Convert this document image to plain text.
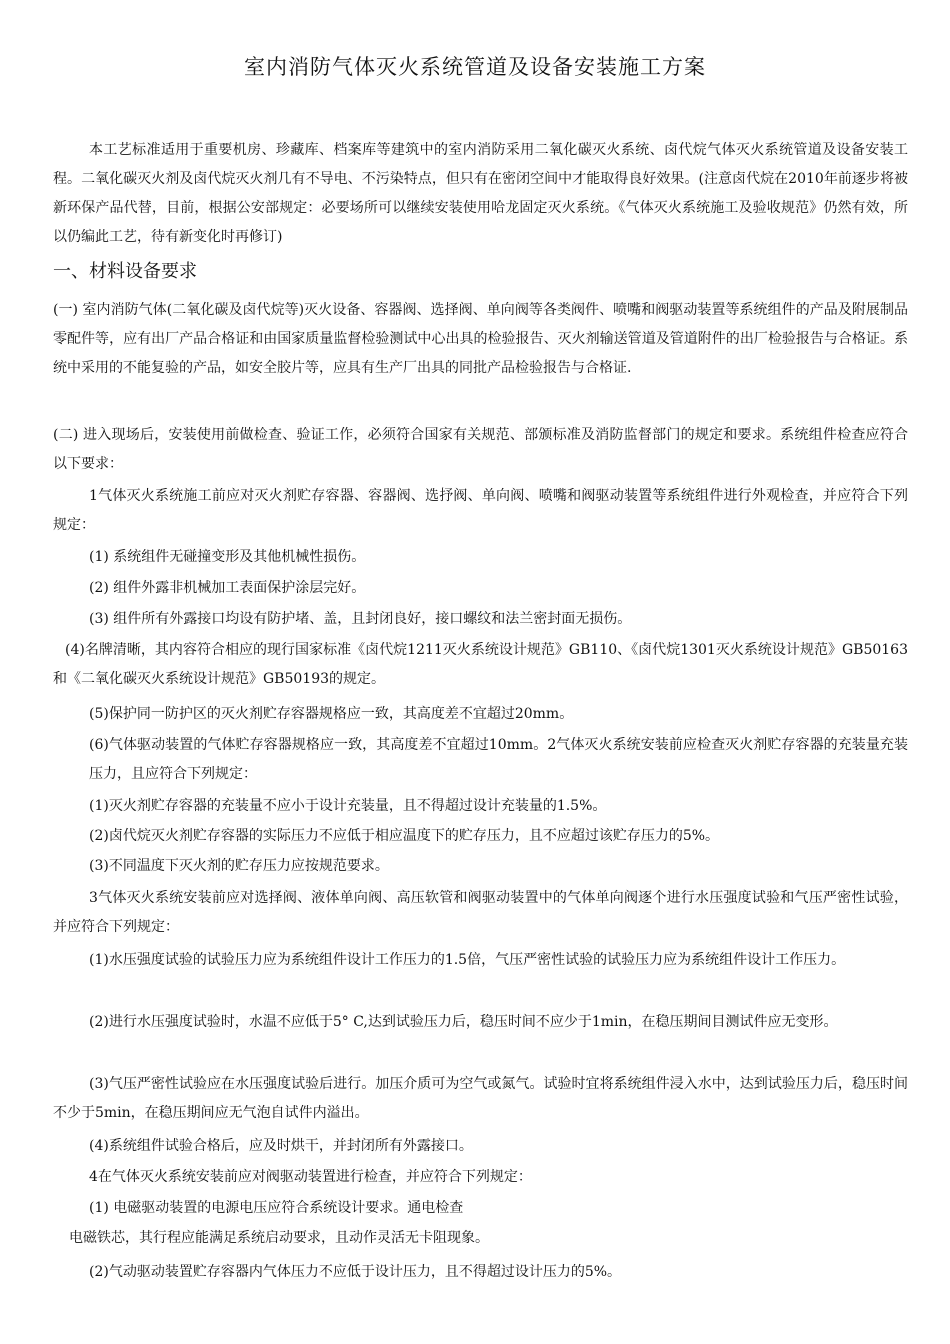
室内消防气体灭火系统管道及设备安装施工方案
本工艺标准适用于重要机房、珍藏库、档案库等建筑中的室内消防采用二氧化碳灭火系统、卤代烷气体灭火系统管道及设备安装工程。二氧化碳灭火剂及卤代烷灭火剂几有不导电、不污染特点，但只有在密闭空间中才能取得良好效果。(注意卤代烷在2010年前逐步将被新环保产品代替，目前，根据公安部规定：必要场所可以继续安装使用哈龙固定灭火系统。《气体灭火系统施工及验收规范》仍然有效，所以仍编此工艺，待有新变化时再修订)
一、材料设备要求
(一) 室内消防气体(二氧化碳及卤代烷等)灭火设备、容器阀、选择阀、单向阀等各类阀件、喷嘴和阀驱动装置等系统组件的产品及附展制品零配件等，应有出厂产品合格证和由国家质量监督检验测试中心出具的检验报告、灭火剂输送管道及管道附件的出厂检验报告与合格证。系统中采用的不能复验的产品，如安全胶片等，应具有生产厂出具的同批产品检验报告与合格证.
(二) 进入现场后，安装使用前做检查、验证工作，必须符合国家有关规范、部颁标准及消防监督部门的规定和要求。系统组件检查应符合以下要求：
1气体灭火系统施工前应对灭火剂贮存容器、容器阀、选抒阀、单向阀、喷嘴和阀驱动装置等系统组件进行外观检查，并应符合下列规定：
(1) 系统组件无碰撞变形及其他机械性损伤。
(2) 组件外露非机械加工表面保护涂层完好。
(3) 组件所有外露接口均设有防护堵、盖，且封闭良好，接口螺纹和法兰密封面无损伤。
(4)名牌清晰，其内容符合相应的现行国家标准《卤代烷1211灭火系统设计规范》GB110、《卤代烷1301灭火系统设计规范》GB50163和《二氧化碳灭火系统设计规范》GB50193的规定。
(5)保护同一防护区的灭火剂贮存容器规格应一致，其高度差不宜超过20mm。
(6)气体驱动装置的气体贮存容器规格应一致，其高度差不宜超过10mm。2气体灭火系统安装前应检查灭火剂贮存容器的充装量充装压力，且应符合下列规定：
(1)灭火剂贮存容器的充装量不应小于设计充装量，且不得超过设计充装量的1.5%。
(2)卤代烷灭火剂贮存容器的实际压力不应低于相应温度下的贮存压力，且不应超过该贮存压力的5%。
(3)不同温度下灭火剂的贮存压力应按规范要求。
3气体灭火系统安装前应对选择阀、液体单向阀、高压软管和阀驱动装置中的气体单向阀逐个进行水压强度试验和气压严密性试验，并应符合下列规定：
(1)水压强度试验的试验压力应为系统组件设计工作压力的1.5倍，气压严密性试验的试验压力应为系统组件设计工作压力。
(2)进行水压强度试验时，水温不应低于5° C,达到试验压力后，稳压时间不应少于1min，在稳压期间目测试件应无变形。
(3)气压严密性试验应在水压强度试验后进行。加压介质可为空气或氮气。试验时宜将系统组件浸入水中，达到试验压力后，稳压时间不少于5min，在稳压期间应无气泡自试件内溢出。
(4)系统组件试验合格后，应及时烘干，并封闭所有外露接口。
4在气体灭火系统安装前应对阀驱动装置进行检查，并应符合下列规定：
(1) 电磁驱动装置的电源电压应符合系统设计要求。通电检查
电磁铁芯，其行程应能满足系统启动要求，且动作灵活无卡阻现象。
(2)气动驱动装置贮存容器内气体压力不应低于设计压力，且不得超过设计压力的5%。
